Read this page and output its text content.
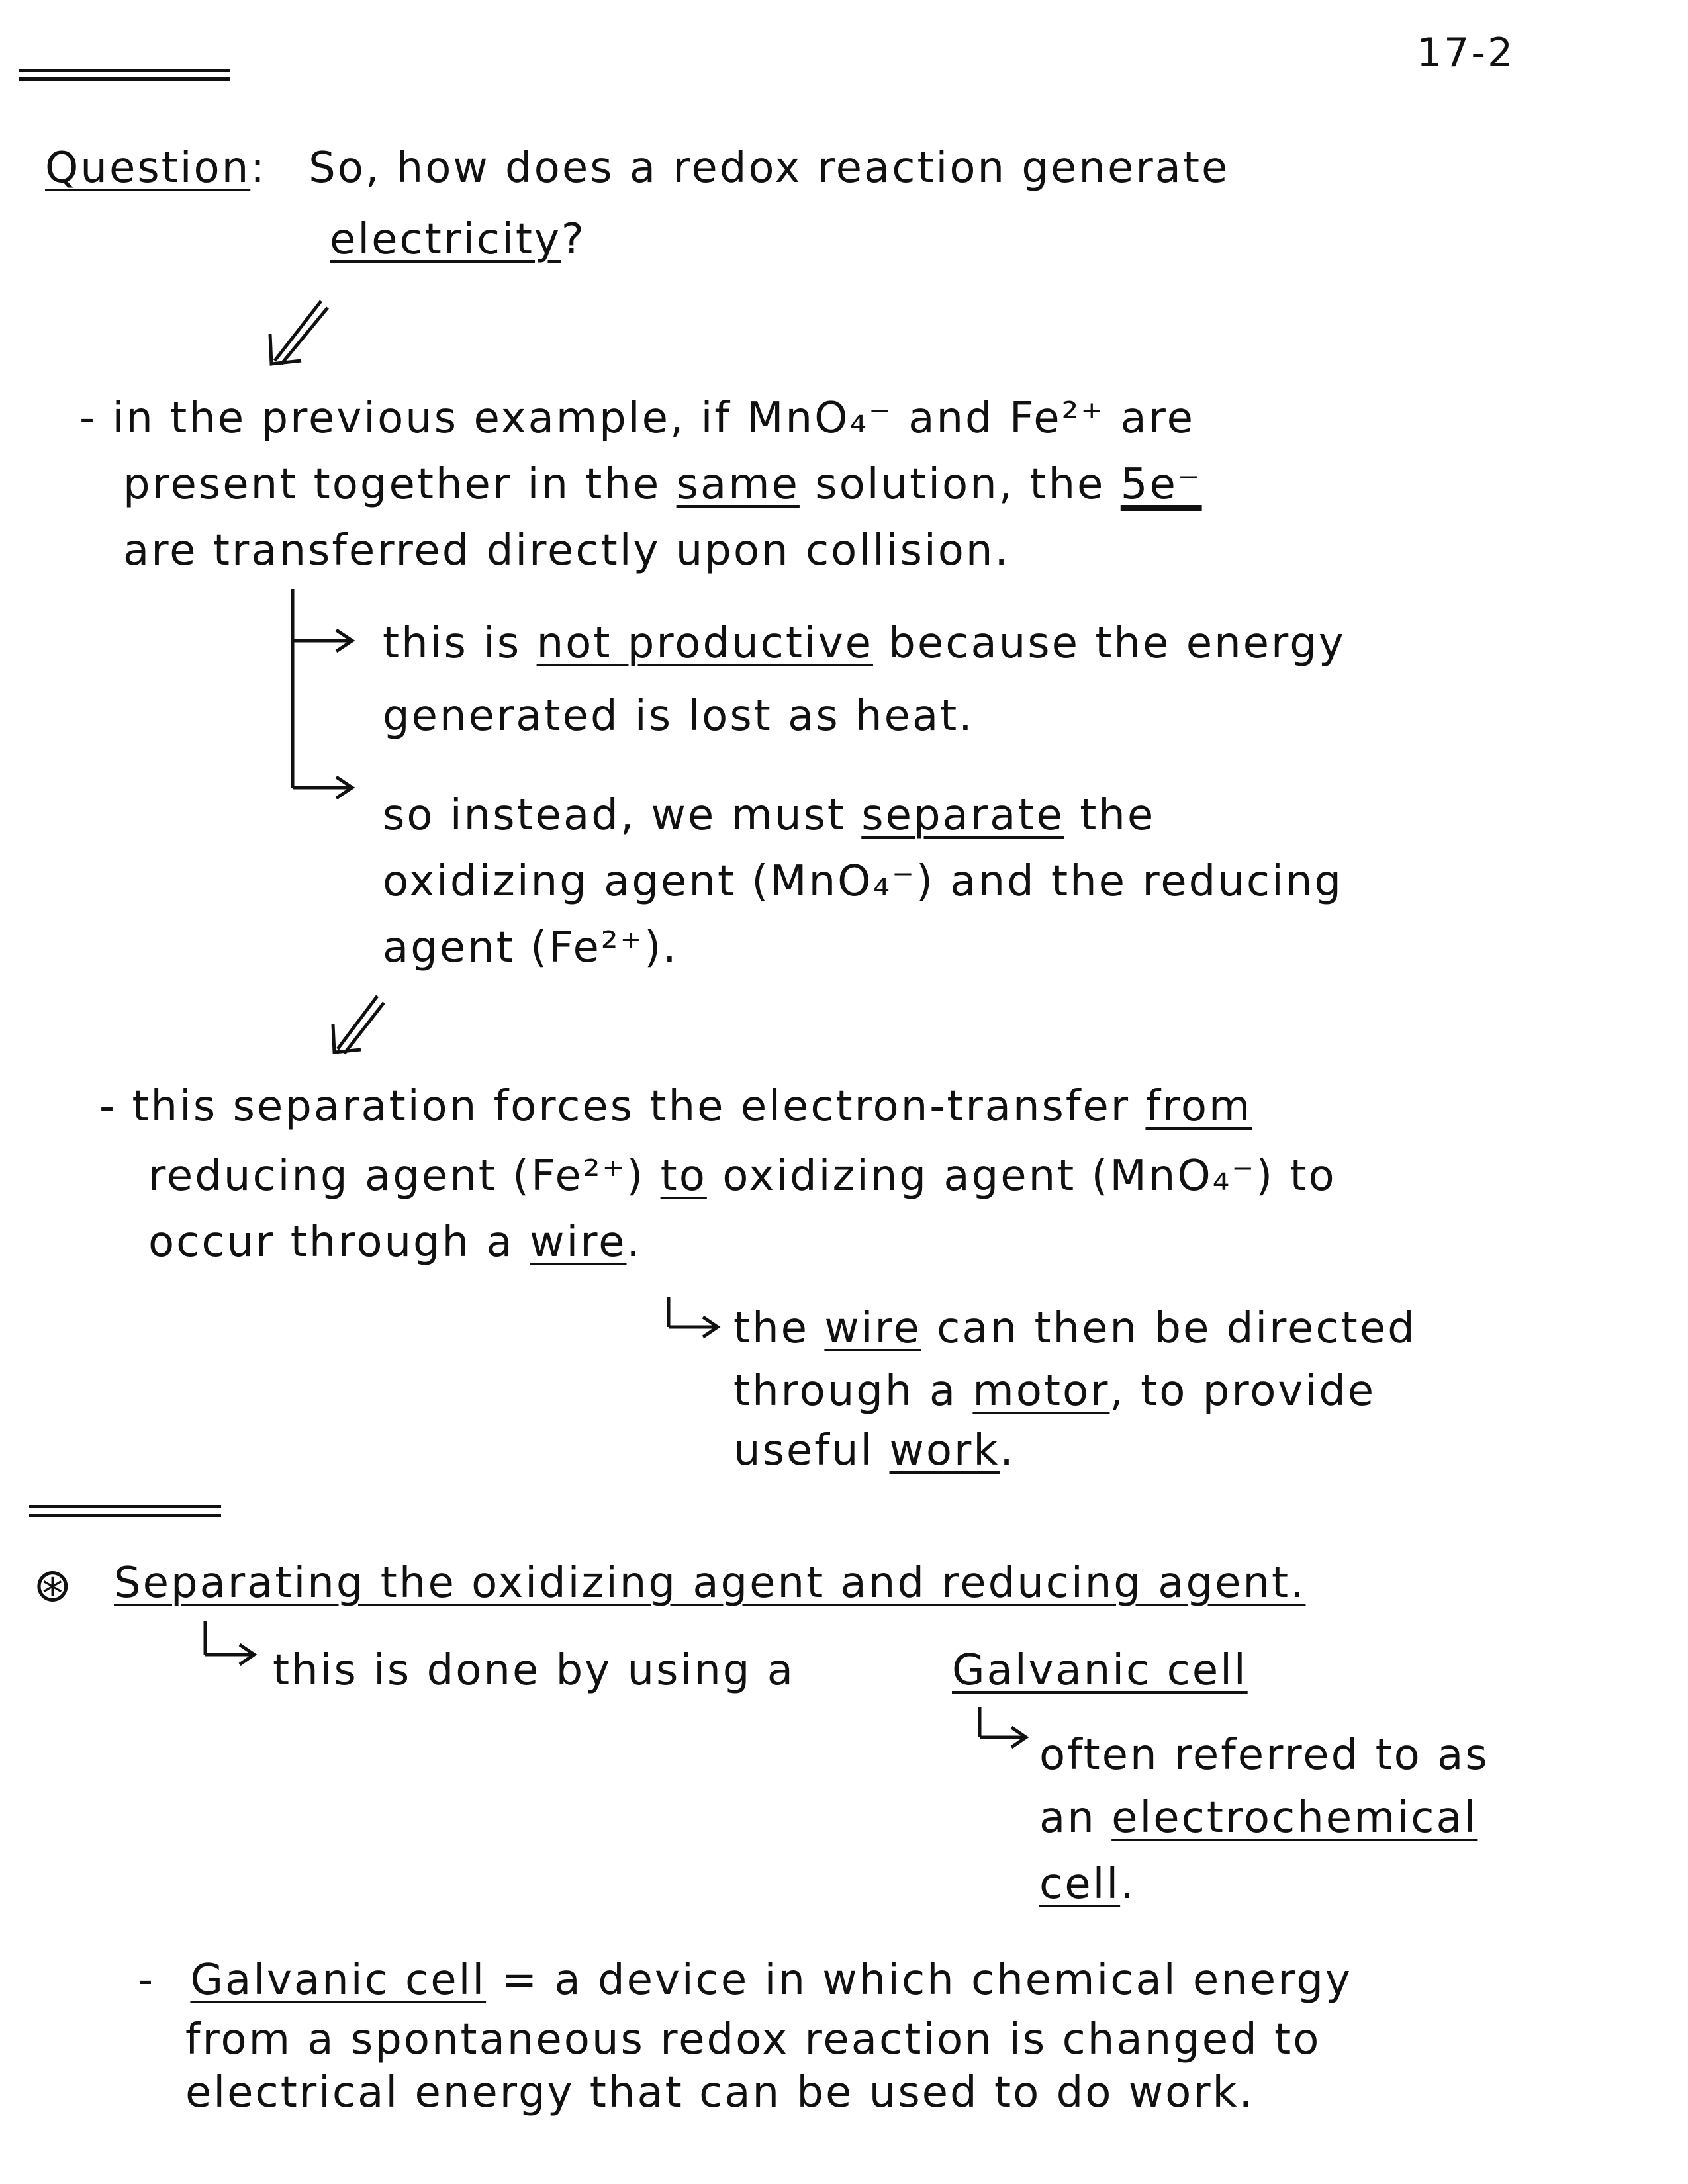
17-2
Question: So, how does a redox reaction generate
electricity?
- in the previous example, if MnO₄⁻ and Fe²⁺ are
present together in the same solution, the 5e⁻
are transferred directly upon collision.
this is not productive because the energy
generated is lost as heat.
so instead, we must separate the
oxidizing agent (MnO₄⁻) and the reducing
agent (Fe²⁺).
- this separation forces the electron-transfer from
reducing agent (Fe²⁺) to oxidizing agent (MnO₄⁻) to
occur through a wire.
the wire can then be directed
through a motor, to provide
useful work.
⊛ Separating the oxidizing agent and reducing agent.
this is done by using a	Galvanic cell
often referred to as
an electrochemical
cell.
- Galvanic cell = a device in which chemical energy
from a spontaneous redox reaction is changed to
electrical energy that can be used to do work.
